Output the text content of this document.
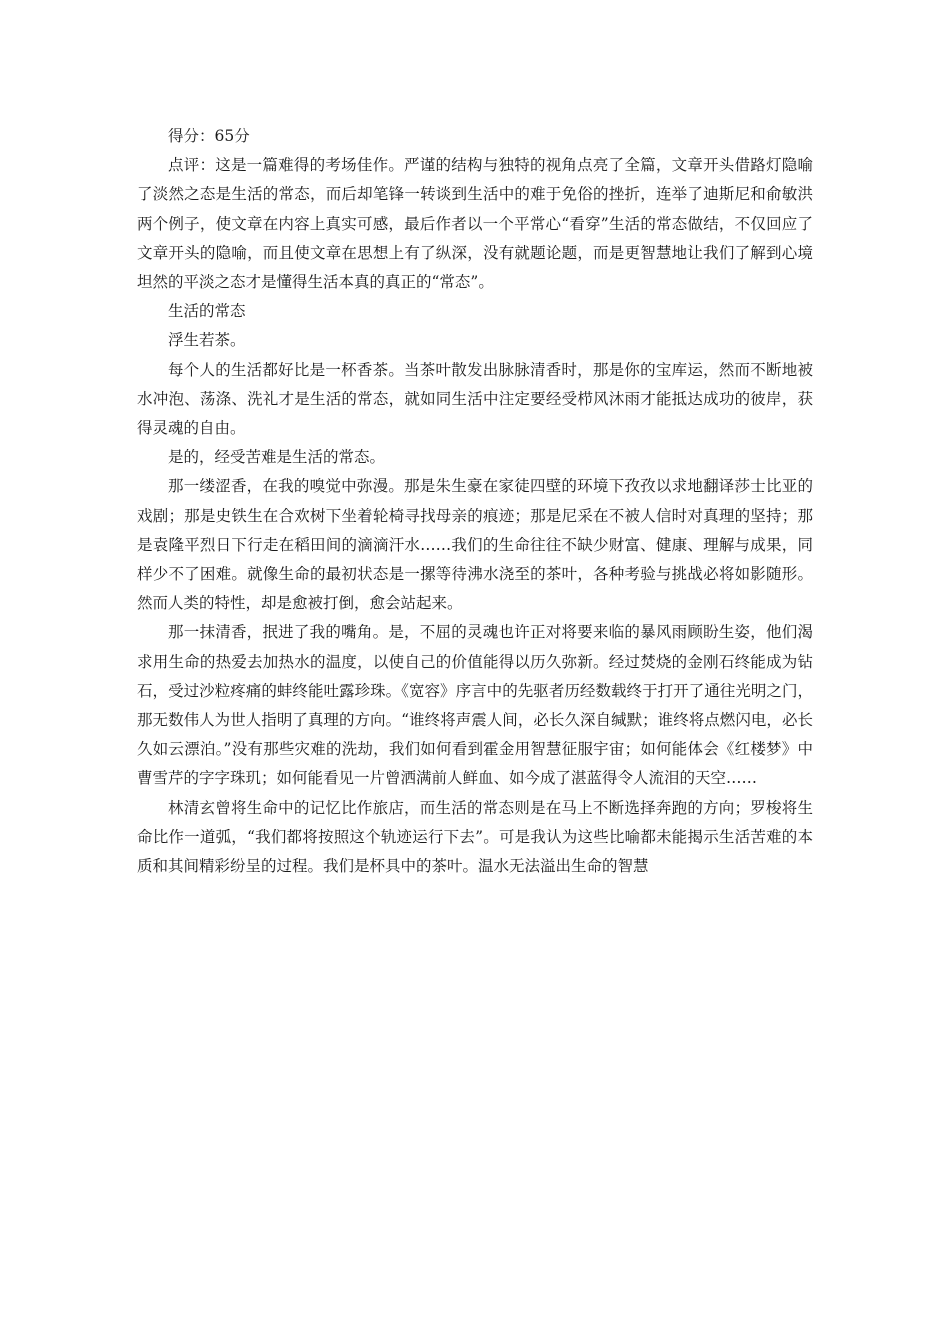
得分：65分

点评：这是一篇难得的考场佳作。严谨的结构与独特的视角点亮了全篇，文章开头借路灯隐喻了淡然之态是生活的常态，而后却笔锋一转谈到生活中的难于免俗的挫折，连举了迪斯尼和俞敏洪两个例子，使文章在内容上真实可感，最后作者以一个平常心“看穿”生活的常态做结，不仅回应了文章开头的隐喻，而且使文章在思想上有了纵深，没有就题论题，而是更智慧地让我们了解到心境坦然的平淡之态才是懂得生活本真的真正的“常态”。

生活的常态

浮生若茶。

每个人的生活都好比是一杯香茶。当茶叶散发出脉脉清香时，那是你的宝库运，然而不断地被水冲泡、荡涤、洗礼才是生活的常态，就如同生活中注定要经受栉风沐雨才能抵达成功的彼岸，获得灵魂的自由。

是的，经受苦难是生活的常态。

那一缕涩香，在我的嗅觉中弥漫。那是朱生豪在家徒四壁的环境下孜孜以求地翻译莎士比亚的戏剧；那是史铁生在合欢树下坐着轮椅寻找母亲的痕迹；那是尼采在不被人信时对真理的坚持；那是袁隆平烈日下行走在稻田间的滴滴汗水……我们的生命往往不缺少财富、健康、理解与成果，同样少不了困难。就像生命的最初状态是一摞等待沸水浇至的茶叶，各种考验与挑战必将如影随形。然而人类的特性，却是愈被打倒，愈会站起来。

那一抹清香，抿进了我的嘴角。是，不屈的灵魂也许正对将要来临的暴风雨顾盼生姿，他们渴求用生命的热爱去加热水的温度，以使自己的价值能得以历久弥新。经过焚烧的金刚石终能成为钻石，受过沙粒疼痛的蚌终能吐露珍珠。《宽容》序言中的先驱者历经数载终于打开了通往光明之门，那无数伟人为世人指明了真理的方向。“谁终将声震人间，必长久深自缄默；谁终将点燃闪电，必长久如云漂泊。”没有那些灾难的洗劫，我们如何看到霍金用智慧征服宇宙；如何能体会《红楼梦》中曹雪芹的字字珠玑；如何能看见一片曾洒满前人鲜血、如今成了湛蓝得令人流泪的天空……

林清玄曾将生命中的记忆比作旅店，而生活的常态则是在马上不断选择奔跑的方向；罗梭将生命比作一道弧，“我们都将按照这个轨迹运行下去”。可是我认为这些比喻都未能揭示生活苦难的本质和其间精彩纷呈的过程。我们是杯具中的茶叶。温水无法溢出生命的智慧
